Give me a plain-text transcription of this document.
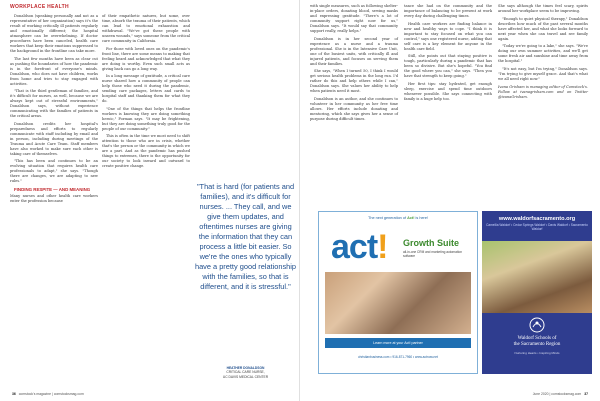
WORKPLACE HEALTH

Donaldson (speaking personally and not as a representative of her organization) says it's the result of working critically ill patients regularly and emotionally different; the hospital atmosphere can be overwhelming. If doctor procedures have been canceled, health care workers that keep their emotions suppressed to the background in the frontline can take more.

The last few months have been as clear cut as pushing the boundaries of how the pandemic is in the forefront of everyone's minds. Donaldson, who does not have children, works from home and tries to stay engaged with activities.

"That is the third gentleman of families, and it's difficult for nurses, as well, because we are always kept out of stressful environments," Donaldson says, without experience communicating with the families of patients in the critical areas.

Donaldson credits her hospital's preparedness and efforts to regularly communicate with staff including by email and in person, including during meetings of the Trauma and Acute Care Team. Staff members have also worked to make sure each other is taking care of themselves.

"This has been and continues to be an evolving situation that requires health care professionals to adapt," she says. "Though there are changes, we are adapting to new rules."

FINDING RESPITE — AND MEANING

Many nurses and other health care workers enter the profession because

of their empathetic natures, but some, over time, absorb the trauma of their patients, which can lead to emotional exhaustion and withdrawal. "We've got these people with unseen wounds," says someone from the critical care community in California.

For those with loved ones on the pandemic's front line, there are some means to making that feeling heard and acknowledged that what they are doing is worthy. Even such small acts as giving back can go a long way.

In a long message of gratitude, a critical care nurse shared how a community of people can help those who need it during the pandemic, sending care packages, letters and cards to hospital staff and thanking them for what they do.

"One of the things that helps the frontline workers is knowing they are doing something heroic," Forman says. "It may be frightening, but they are doing something truly good for the people of our community."

This is often in the time we most need to shift attention to those who are in crisis, whether that's the person or the community in which we are a part. And as the pandemic has pushed things to extremes, there is the opportunity for our society to look inward and outward to create positive change.

"That is hard (for patients and families), and it's difficult for nurses. ... They call, and we give them updates, and oftentimes nurses are giving the information that they can process a little bit easier. So we're the ones who typically have a pretty good relationship with the families, so that is different, and it is stressful."
HEATHER DONALDSON
CRITICAL CARE NURSE,
UC DAVIS MEDICAL CENTER
36 comstock's magazine | comstocksmag.com

with single measures, such as following shelter-in-place orders, donating blood, sewing masks and expressing gratitude. "There's a lot of community support right now for us," Donaldson says. "It would say that community support really, really helps."

Donaldson is in her second year of experience as a nurse and a trauma professional. She is in the Intensive Care Unit, one of the busiest units, with critically ill and injured patients, and focuses on serving them and their families.

She says, "When I turned 50, I think I would get serious health problems in the long run. I'd rather do this and help others while I can," Donaldson says. She values her ability to help when patients need it most.

Donaldson is an author, and she continues to volunteer in her community as her free time allows. Her efforts include donating and mentoring, which she says gives her a sense of purpose during difficult times.

tance she had on the community and the importance of balancing to be present at work every day during challenging times.

Health care workers are finding balance in new and healthy ways to cope. "I think it is important to stay focused on what you can control," says one registered nurse, adding that self care is a key element for anyone in the health care field.

Still, she points out that staying positive is tough, particularly during a pandemic that has been so divisive. But she's hopeful. "You find the good where you can," she says. "Then you have that strength to keep going."

Her first tips: stay hydrated, get enough sleep, exercise and spend time outdoors whenever possible. She says connecting with family is a huge help too.

She says although the times feel scary, spirits around her workplace seem to be improving.

"Enough to quiet physical therapy," Donaldson describes how much of the past several months have affected her, and what she looks forward to next year when she can travel and see family again.

"Today we're going to a lake," she says. "We're doing our own summer activities, and we'll get some fresh air and sunshine and time away from the hospital."

"It's not easy, but I'm trying," Donaldson says. "I'm trying to give myself grace. And that's what we all need right now."

Ivana Grisham is managing editor of Comstock's. Follow at ivanagrisham.com and on Twitter @ivanaGrisham.

June 2020 | comstocksmag.com 37
The next generation of Act! is here!
act! Growth Suite
all-in-one CRM and marketing automation software
Learn more at your Act! partner
christianbusiness.com • 916-871-7960 • www.actnow.net
www.waldorfsacramento.org
Camellia Waldorf • Cedar Springs Waldorf • Davis Waldorf • Sacramento Waldorf
Waldorf Schools of
the Sacramento Region
Nurturing Hearts • Inspiring Minds
